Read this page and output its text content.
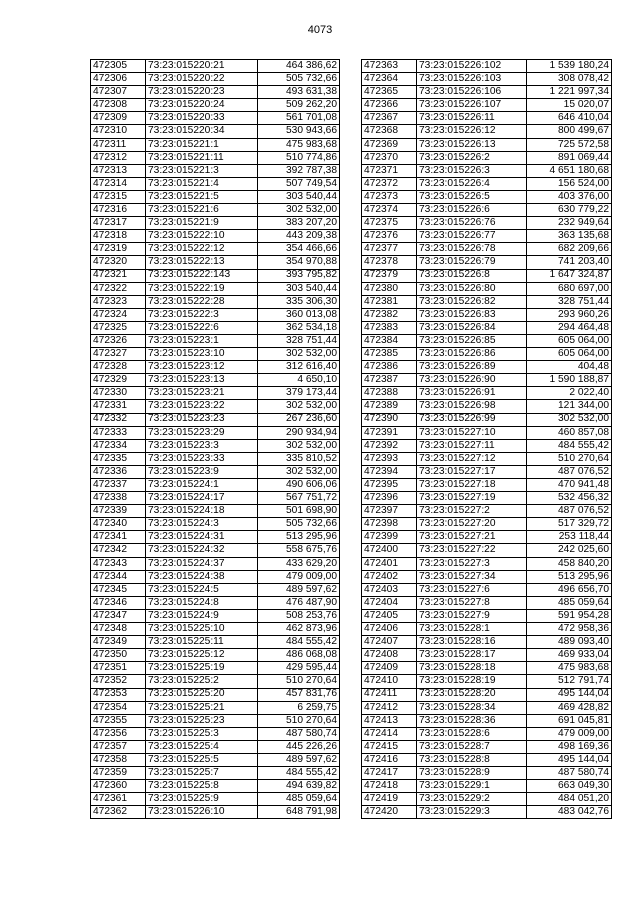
4073
472305	73:23:015220:21	464 386,62
472306	73:23:015220:22	505 732,66
472307	73:23:015220:23	493 631,38
472308	73:23:015220:24	509 262,20
472309	73:23:015220:33	561 701,08
472310	73:23:015220:34	530 943,66
472311	73:23:015221:1	475 983,68
472312	73:23:015221:11	510 774,86
472313	73:23:015221:3	392 787,38
472314	73:23:015221:4	507 749,54
472315	73:23:015221:5	303 540,44
472316	73:23:015221:6	302 532,00
472317	73:23:015221:9	383 207,20
472318	73:23:015222:10	443 209,38
472319	73:23:015222:12	354 466,66
472320	73:23:015222:13	354 970,88
472321	73:23:015222:143	393 795,82
472322	73:23:015222:19	303 540,44
472323	73:23:015222:28	335 306,30
472324	73:23:015222:3	360 013,08
472325	73:23:015222:6	362 534,18
472326	73:23:015223:1	328 751,44
472327	73:23:015223:10	302 532,00
472328	73:23:015223:12	312 616,40
472329	73:23:015223:13	4 650,10
472330	73:23:015223:21	379 173,44
472331	73:23:015223:22	302 532,00
472332	73:23:015223:23	267 236,60
472333	73:23:015223:29	290 934,94
472334	73:23:015223:3	302 532,00
472335	73:23:015223:33	335 810,52
472336	73:23:015223:9	302 532,00
472337	73:23:015224:1	490 606,06
472338	73:23:015224:17	567 751,72
472339	73:23:015224:18	501 698,90
472340	73:23:015224:3	505 732,66
472341	73:23:015224:31	513 295,96
472342	73:23:015224:32	558 675,76
472343	73:23:015224:37	433 629,20
472344	73:23:015224:38	479 009,00
472345	73:23:015224:5	489 597,62
472346	73:23:015224:8	476 487,90
472347	73:23:015224:9	508 253,76
472348	73:23:015225:10	462 873,96
472349	73:23:015225:11	484 555,42
472350	73:23:015225:12	486 068,08
472351	73:23:015225:19	429 595,44
472352	73:23:015225:2	510 270,64
472353	73:23:015225:20	457 831,76
472354	73:23:015225:21	6 259,75
472355	73:23:015225:23	510 270,64
472356	73:23:015225:3	487 580,74
472357	73:23:015225:4	445 226,26
472358	73:23:015225:5	489 597,62
472359	73:23:015225:7	484 555,42
472360	73:23:015225:8	494 639,82
472361	73:23:015225:9	485 059,64
472362	73:23:015226:10	648 791,98
472363	73:23:015226:102	1 539 180,24
472364	73:23:015226:103	308 078,42
472365	73:23:015226:106	1 221 997,34
472366	73:23:015226:107	15 020,07
472367	73:23:015226:11	646 410,04
472368	73:23:015226:12	800 499,67
472369	73:23:015226:13	725 572,58
472370	73:23:015226:2	891 069,44
472371	73:23:015226:3	4 651 180,68
472372	73:23:015226:4	156 524,00
472373	73:23:015226:5	403 376,00
472374	73:23:015226:6	630 779,22
472375	73:23:015226:76	232 949,64
472376	73:23:015226:77	363 135,68
472377	73:23:015226:78	682 209,66
472378	73:23:015226:79	741 203,40
472379	73:23:015226:8	1 647 324,87
472380	73:23:015226:80	680 697,00
472381	73:23:015226:82	328 751,44
472382	73:23:015226:83	293 960,26
472383	73:23:015226:84	294 464,48
472384	73:23:015226:85	605 064,00
472385	73:23:015226:86	605 064,00
472386	73:23:015226:89	404,48
472387	73:23:015226:90	1 590 188,87
472388	73:23:015226:91	2 022,40
472389	73:23:015226:98	121 344,00
472390	73:23:015226:99	302 532,00
472391	73:23:015227:10	460 857,08
472392	73:23:015227:11	484 555,42
472393	73:23:015227:12	510 270,64
472394	73:23:015227:17	487 076,52
472395	73:23:015227:18	470 941,48
472396	73:23:015227:19	532 456,32
472397	73:23:015227:2	487 076,52
472398	73:23:015227:20	517 329,72
472399	73:23:015227:21	253 118,44
472400	73:23:015227:22	242 025,60
472401	73:23:015227:3	458 840,20
472402	73:23:015227:34	513 295,96
472403	73:23:015227:6	496 656,70
472404	73:23:015227:8	485 059,64
472405	73:23:015227:9	591 954,28
472406	73:23:015228:1	472 958,36
472407	73:23:015228:16	489 093,40
472408	73:23:015228:17	469 933,04
472409	73:23:015228:18	475 983,68
472410	73:23:015228:19	512 791,74
472411	73:23:015228:20	495 144,04
472412	73:23:015228:34	469 428,82
472413	73:23:015228:36	691 045,81
472414	73:23:015228:6	479 009,00
472415	73:23:015228:7	498 169,36
472416	73:23:015228:8	495 144,04
472417	73:23:015228:9	487 580,74
472418	73:23:015229:1	663 049,30
472419	73:23:015229:2	484 051,20
472420	73:23:015229:3	483 042,76
